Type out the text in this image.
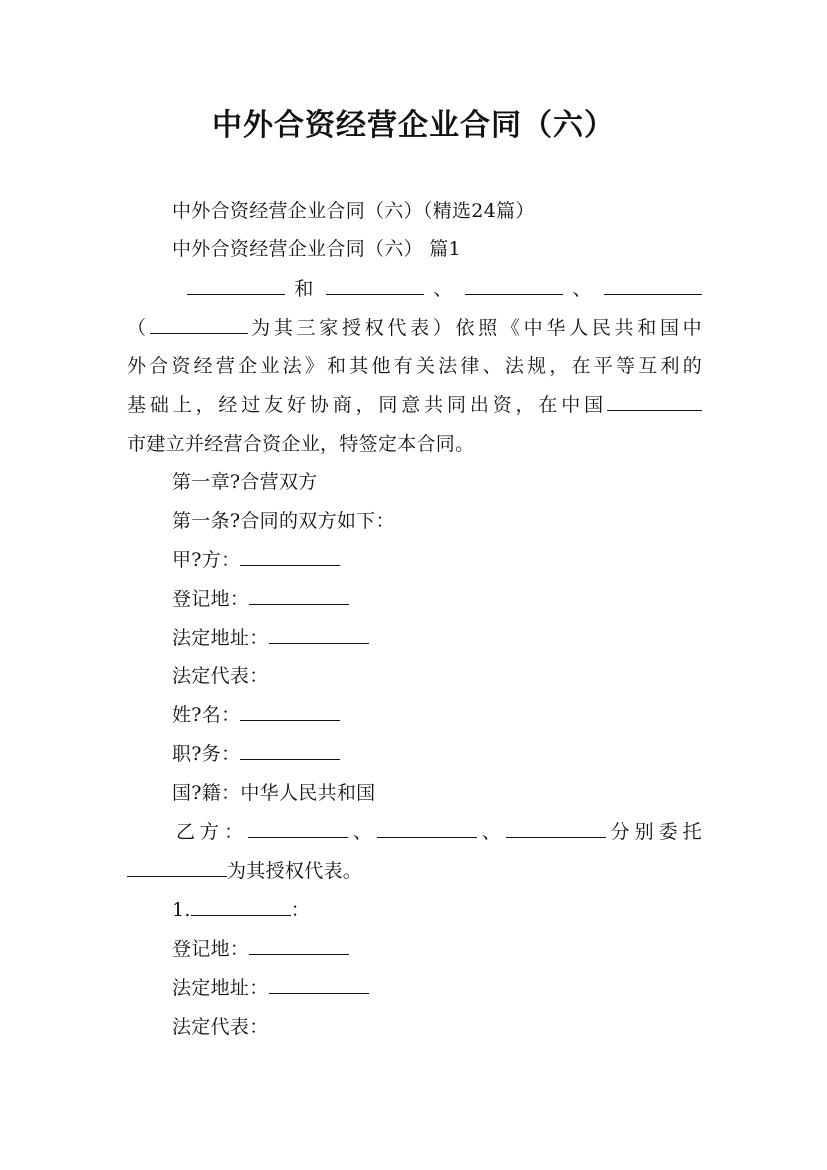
中外合资经营企业合同（六）
中外合资经营企业合同（六）（精选24篇）
中外合资经营企业合同（六） 篇1
和	、	、
（	为其三家授权代表）依照《中华人民共和国中
外合资经营企业法》和其他有关法律、法规，在平等互利的
基础上，经过友好协商，同意共同出资，在中国
市建立并经营合资企业，特签定本合同。
第一章?合营双方
第一条?合同的双方如下：
甲?方：
登记地：
法定地址：
法定代表：
姓?名：
职?务：
国?籍：中华人民共和国
乙方：	、	、	分别委托
为其授权代表。
1.	：
登记地：
法定地址：
法定代表：
